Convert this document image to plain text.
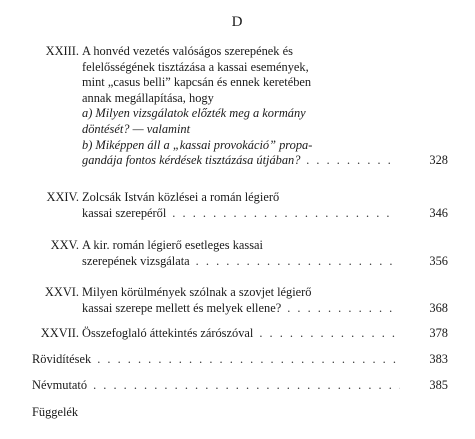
D
XXIII. A honvéd vezetés valóságos szerepének és
felelősségének tisztázása a kassai események,
mint „casus belli” kapcsán és ennek keretében
annak megállapítása, hogy
a) Milyen vizsgálatok előzték meg a kormány
döntését? — valamint
b) Miképpen áll a „kassai provokáció” propa-
gandája fontos kérdések tisztázása útjában? . . .	328
XXIV. Zolcsák István közlései a román légierő
kassai szerepéről . . .	346
XXV. A kir. román légierő esetleges kassai
szerepének vizsgálata . . .	356
XXVI. Milyen körülmények szólnak a szovjet légierő
kassai szerepe mellett és melyek ellene? . . .	368
XXVII. Összefoglaló áttekintés zárószóval . . .	378
Rövidítések . . .	383
Névmutató . . .	385
Függelék
